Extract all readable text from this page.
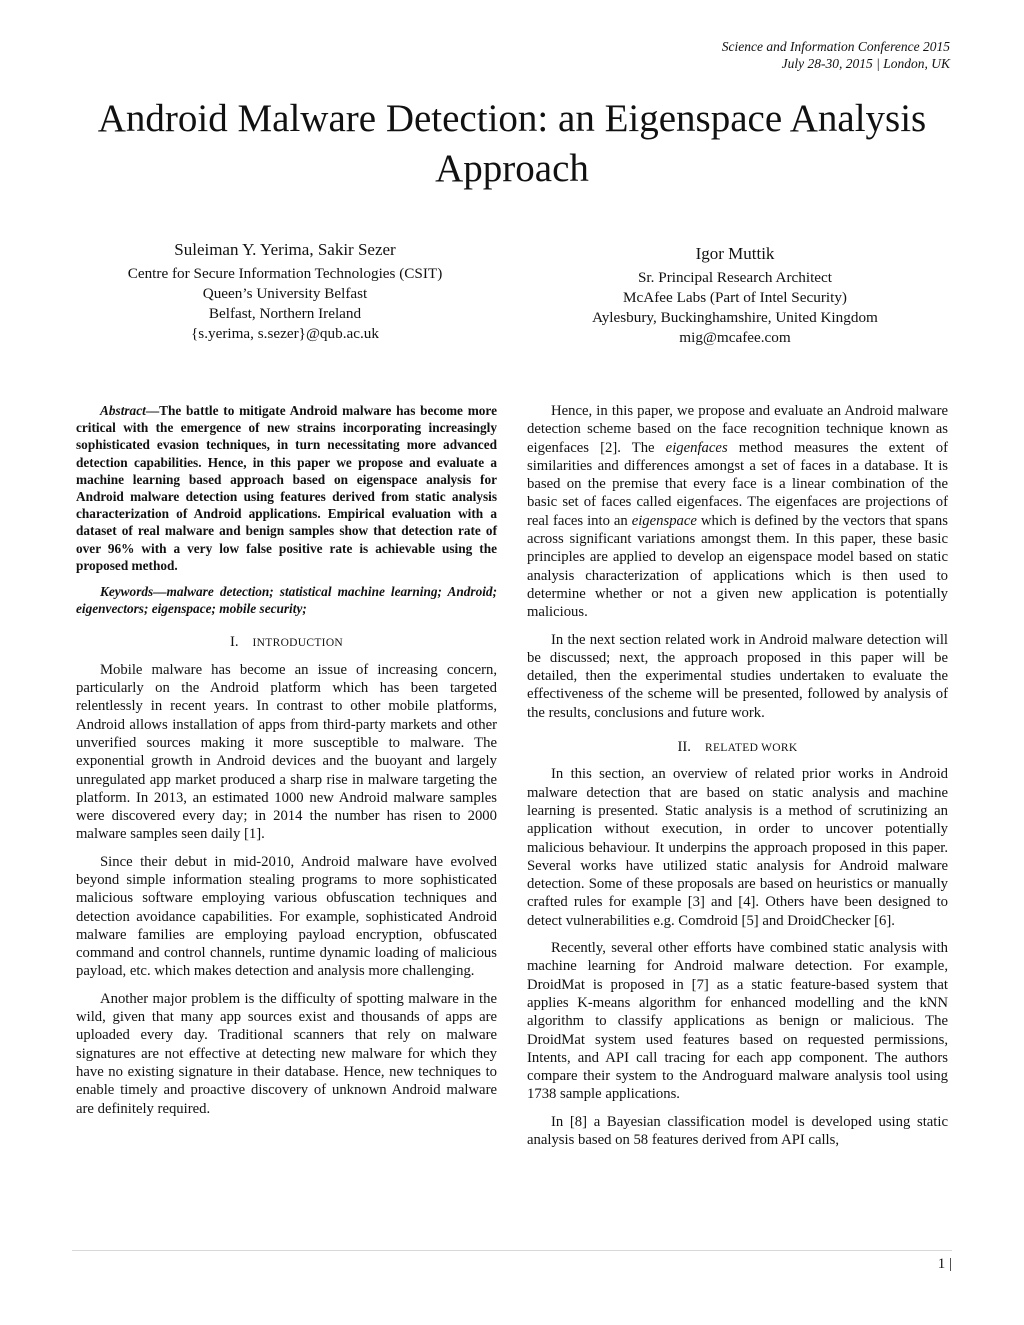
Science and Information Conference 2015
July 28-30, 2015 | London, UK
Android Malware Detection: an Eigenspace Analysis
Approach
Suleiman Y. Yerima, Sakir Sezer
Centre for Secure Information Technologies (CSIT)
Queen’s University Belfast
Belfast, Northern Ireland
{s.yerima, s.sezer}@qub.ac.uk
Igor Muttik
Sr. Principal Research Architect
McAfee Labs (Part of Intel Security)
Aylesbury, Buckinghamshire, United Kingdom
mig@mcafee.com

Abstract—The battle to mitigate Android malware has become more critical with the emergence of new strains incorporating increasingly sophisticated evasion techniques, in turn necessitating more advanced detection capabilities. Hence, in this paper we propose and evaluate a machine learning based approach based on eigenspace analysis for Android malware detection using features derived from static analysis characterization of Android applications. Empirical evaluation with a dataset of real malware and benign samples show that detection rate of over 96% with a very low false positive rate is achievable using the proposed method.

Keywords—malware detection; statistical machine learning; Android; eigenvectors; eigenspace; mobile security;

I. INTRODUCTION

Mobile malware has become an issue of increasing concern, particularly on the Android platform which has been targeted relentlessly in recent years. In contrast to other mobile platforms, Android allows installation of apps from third-party markets and other unverified sources making it more susceptible to malware. The exponential growth in Android devices and the buoyant and largely unregulated app market produced a sharp rise in malware targeting the platform. In 2013, an estimated 1000 new Android malware samples were discovered every day; in 2014 the number has risen to 2000 malware samples seen daily [1].

Since their debut in mid-2010, Android malware have evolved beyond simple information stealing programs to more sophisticated malicious software employing various obfuscation techniques and detection avoidance capabilities. For example, sophisticated Android malware families are employing payload encryption, obfuscated command and control channels, runtime dynamic loading of malicious payload, etc. which makes detection and analysis more challenging.

Another major problem is the difficulty of spotting malware in the wild, given that many app sources exist and thousands of apps are uploaded every day. Traditional scanners that rely on malware signatures are not effective at detecting new malware for which they have no existing signature in their database. Hence, new techniques to enable timely and proactive discovery of unknown Android malware are definitely required.

Hence, in this paper, we propose and evaluate an Android malware detection scheme based on the face recognition technique known as eigenfaces [2]. The eigenfaces method measures the extent of similarities and differences amongst a set of faces in a database. It is based on the premise that every face is a linear combination of the basic set of faces called eigenfaces. The eigenfaces are projections of real faces into an eigenspace which is defined by the vectors that spans across significant variations amongst them. In this paper, these basic principles are applied to develop an eigenspace model based on static analysis characterization of applications which is then used to determine whether or not a given new application is potentially malicious.

In the next section related work in Android malware detection will be discussed; next, the approach proposed in this paper will be detailed, then the experimental studies undertaken to evaluate the effectiveness of the scheme will be presented, followed by analysis of the results, conclusions and future work.

II. RELATED WORK

In this section, an overview of related prior works in Android malware detection that are based on static analysis and machine learning is presented. Static analysis is a method of scrutinizing an application without execution, in order to uncover potentially malicious behaviour. It underpins the approach proposed in this paper. Several works have utilized static analysis for Android malware detection. Some of these proposals are based on heuristics or manually crafted rules for example [3] and [4]. Others have been designed to detect vulnerabilities e.g. Comdroid [5] and DroidChecker [6].

Recently, several other efforts have combined static analysis with machine learning for Android malware detection. For example, DroidMat is proposed in [7] as a static feature-based system that applies K-means algorithm for enhanced modelling and the kNN algorithm to classify applications as benign or malicious. The DroidMat system used features based on requested permissions, Intents, and API call tracing for each app component. The authors compare their system to the Androguard malware analysis tool using 1738 sample applications.

In [8] a Bayesian classification model is developed using static analysis based on 58 features derived from API calls,

1 |
